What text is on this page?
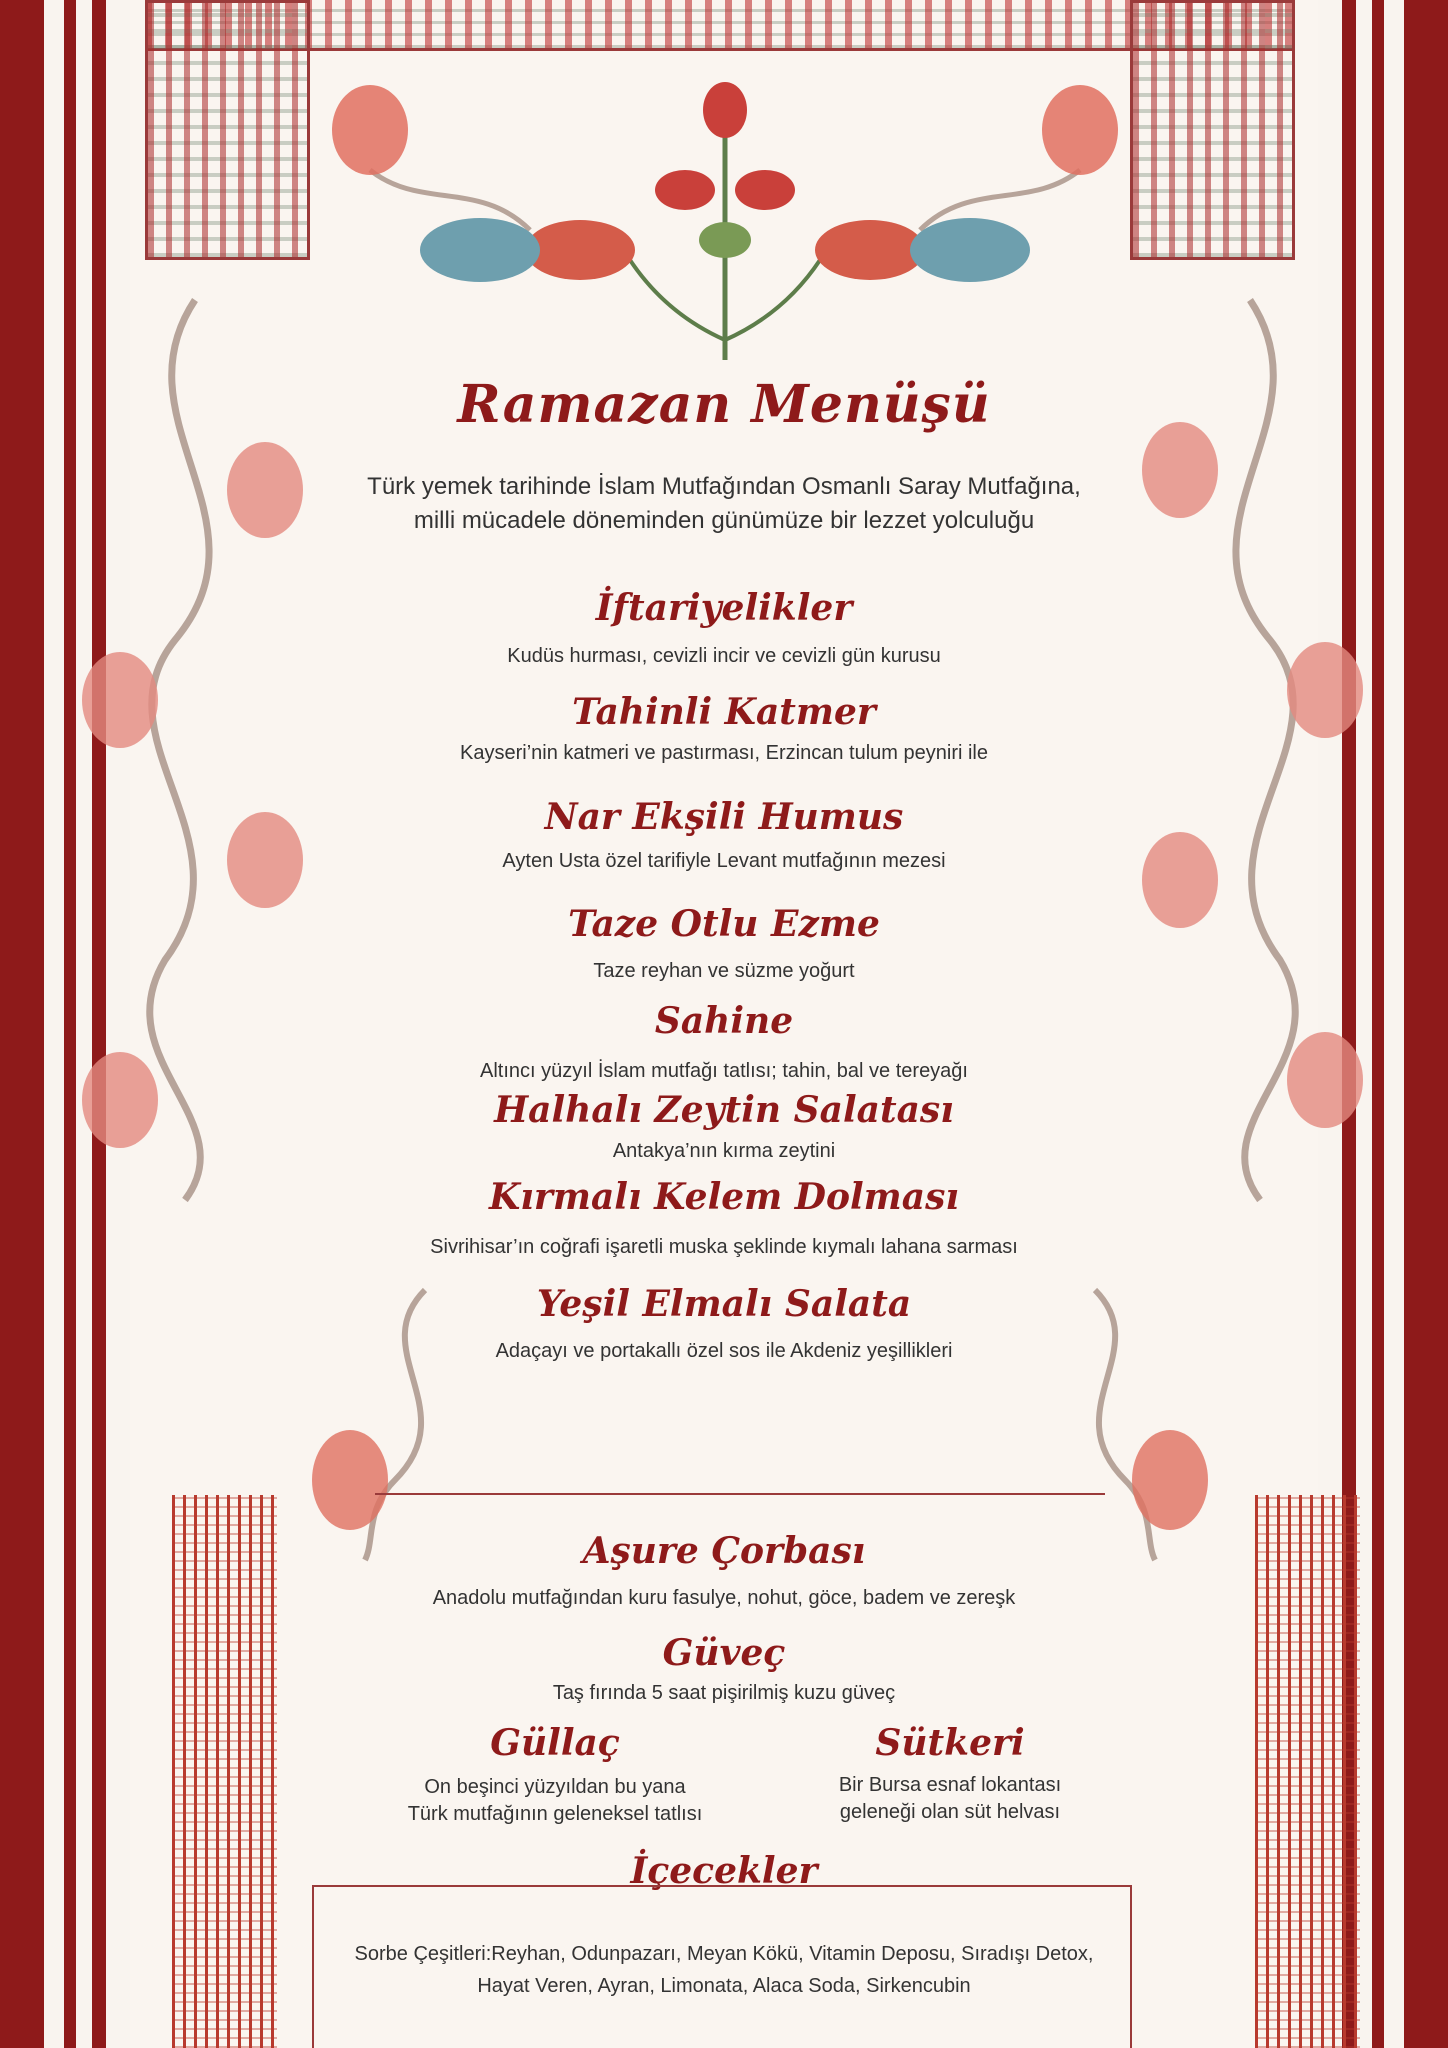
Ramazan Menüşü
Türk yemek tarihinde İslam Mutfağından Osmanlı Saray Mutfağına,
milli mücadele döneminden günümüze bir lezzet yolculuğu
İftariyelikler
Kudüs hurması, cevizli incir ve cevizli gün kurusu
Tahinli Katmer
Kayseri’nin katmeri ve pastırması, Erzincan tulum peyniri ile
Nar Ekşili Humus
Ayten Usta özel tarifiyle Levant mutfağının mezesi
Taze Otlu Ezme
Taze reyhan ve süzme yoğurt
Sahine
Altıncı yüzyıl İslam mutfağı tatlısı; tahin, bal ve tereyağı
Halhalı Zeytin Salatası
Antakya’nın kırma zeytini
Kırmalı Kelem Dolması
Sivrihisar’ın coğrafi işaretli muska şeklinde kıymalı lahana sarması
Yeşil Elmalı Salata
Adaçayı ve portakallı özel sos ile Akdeniz yeşillikleri
Aşure Çorbası
Anadolu mutfağından kuru fasulye, nohut, göce, badem ve zereşk
Güveç
Taş fırında 5 saat pişirilmiş kuzu güveç
Güllaç
On beşinci yüzyıldan bu yana
Türk mutfağının geleneksel tatlısı
Sütkeri
Bir Bursa esnaf lokantası
geleneği olan süt helvası
İçecekler
Sorbe Çeşitleri:Reyhan, Odunpazarı, Meyan Kökü, Vitamin Deposu, Sıradışı Detox,
Hayat Veren, Ayran, Limonata, Alaca Soda, Sirkencubin
